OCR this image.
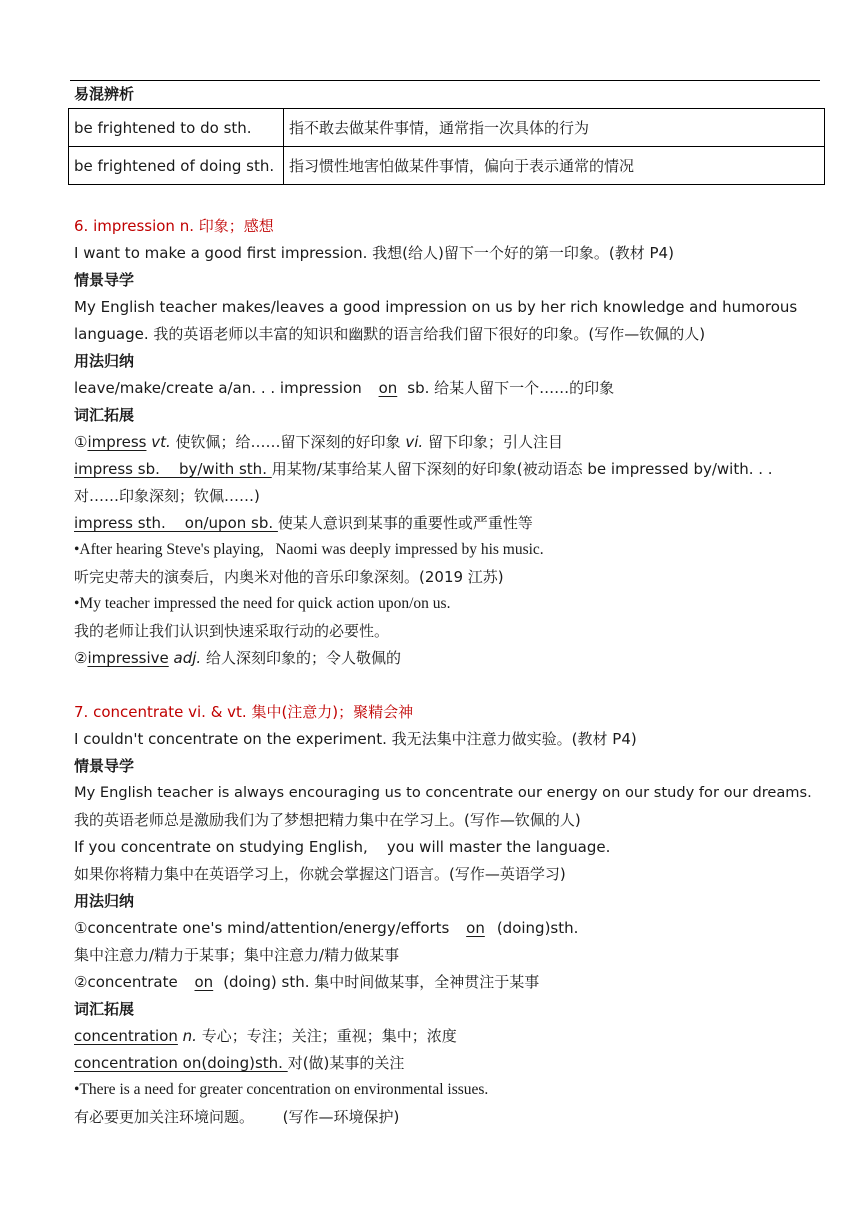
易混辨析
be frightened to do sth.	指不敢去做某件事情，通常指一次具体的行为
be frightened of doing sth.	指习惯性地害怕做某件事情，偏向于表示通常的情况
6. impression n. 印象；感想
I want to make a good first impression. 我想(给人)留下一个好的第一印象。(教材 P4)
情景导学
My English teacher makes/leaves a good impression on us by her rich knowledge and humorous
language. 我的英语老师以丰富的知识和幽默的语言给我们留下很好的印象。(写作—钦佩的人)
用法归纳
leave/make/create a/an. . . impression on sb. 给某人留下一个……的印象
词汇拓展
①impress vt. 使钦佩；给……留下深刻的好印象 vi. 留下印象；引人注目
impress sb.    by/with sth. 用某物/某事给某人留下深刻的好印象(被动语态 be impressed by/with. . .
对……印象深刻；钦佩……)
impress sth.    on/upon sb. 使某人意识到某事的重要性或严重性等
•After hearing Steve's playing,   Naomi was deeply impressed by his music.
听完史蒂夫的演奏后，内奥米对他的音乐印象深刻。(2019 江苏)
•My teacher impressed the need for quick action upon/on us.
我的老师让我们认识到快速采取行动的必要性。
②impressive adj. 给人深刻印象的；令人敬佩的
7. concentrate vi. & vt. 集中(注意力)；聚精会神
I couldn't concentrate on the experiment. 我无法集中注意力做实验。(教材 P4)
情景导学
My English teacher is always encouraging us to concentrate our energy on our study for our dreams.
我的英语老师总是激励我们为了梦想把精力集中在学习上。(写作—钦佩的人)
If you concentrate on studying English,    you will master the language.
如果你将精力集中在英语学习上，你就会掌握这门语言。(写作—英语学习)
用法归纳
①concentrate one's mind/attention/energy/efforts on (doing)sth.
集中注意力/精力于某事；集中注意力/精力做某事
②concentrate on (doing) sth. 集中时间做某事，全神贯注于某事
词汇拓展
concentration n. 专心；专注；关注；重视；集中；浓度
concentration on(doing)sth. 对(做)某事的关注
•There is a need for greater concentration on environmental issues.
有必要更加关注环境问题。      (写作—环境保护)
